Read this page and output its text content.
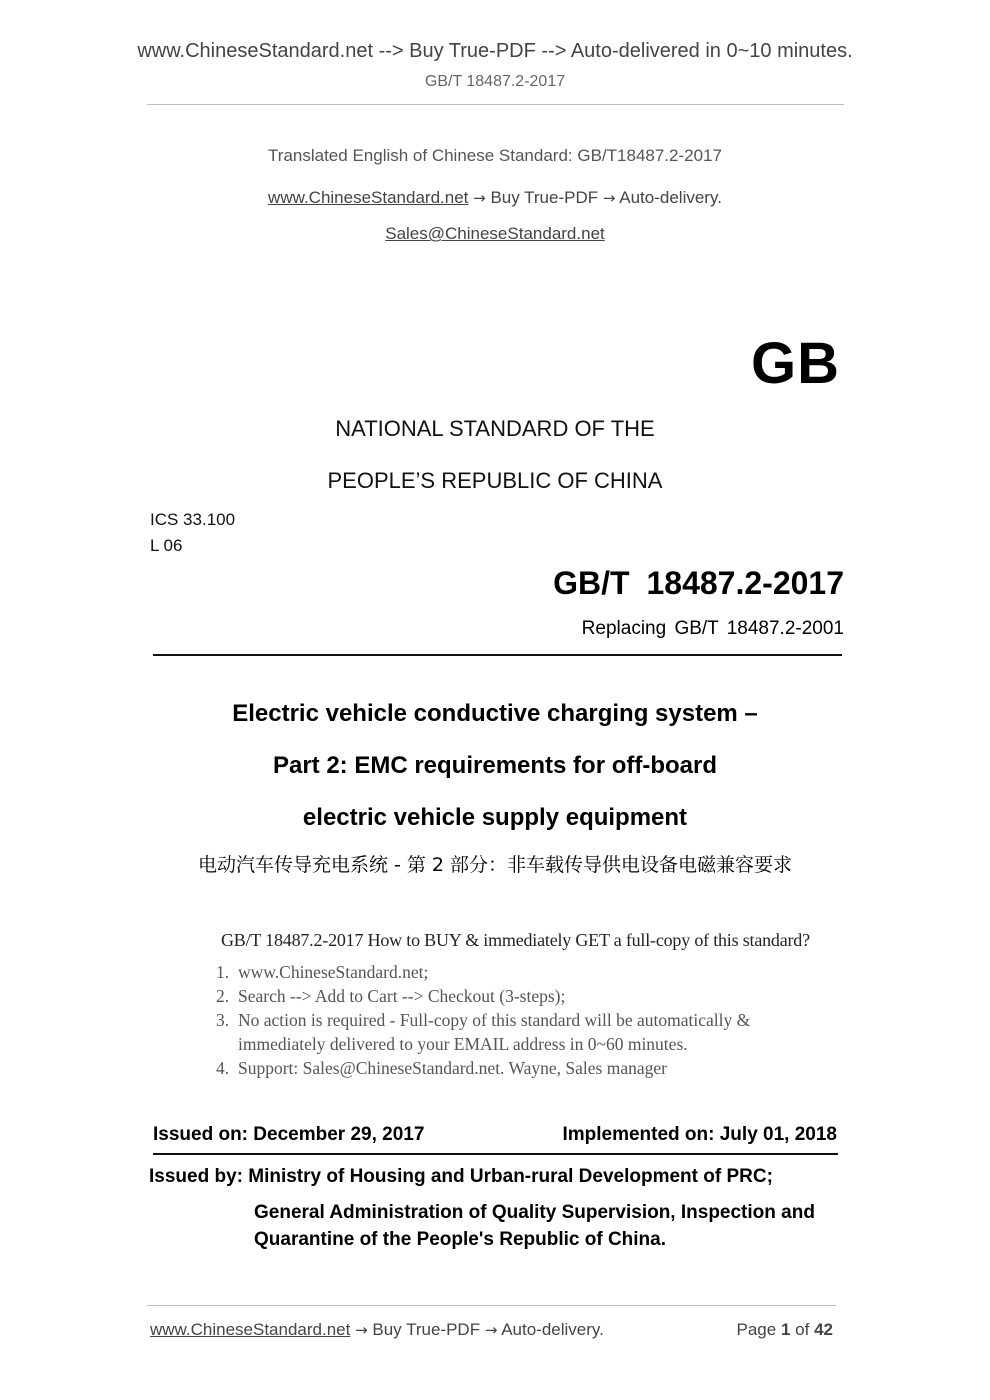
www.ChineseStandard.net --> Buy True-PDF --> Auto-delivered in 0~10 minutes.
GB/T 18487.2-2017
Translated English of Chinese Standard: GB/T18487.2-2017
www.ChineseStandard.net → Buy True-PDF → Auto-delivery.
Sales@ChineseStandard.net
GB
NATIONAL STANDARD OF THE
PEOPLE’S REPUBLIC OF CHINA
ICS 33.100
L 06
GB/T 18487.2-2017
Replacing GB/T 18487.2-2001
Electric vehicle conductive charging system –
Part 2: EMC requirements for off-board
electric vehicle supply equipment
电动汽车传导充电系统 - 第 2 部分：非车载传导供电设备电磁兼容要求
GB/T 18487.2-2017 How to BUY & immediately GET a full-copy of this standard?
1. www.ChineseStandard.net;
2. Search --> Add to Cart --> Checkout (3-steps);
3. No action is required - Full-copy of this standard will be automatically &
immediately delivered to your EMAIL address in 0~60 minutes.
4. Support: Sales@ChineseStandard.net. Wayne, Sales manager
Issued on: December 29, 2017	Implemented on: July 01, 2018
Issued by: Ministry of Housing and Urban-rural Development of PRC;
General Administration of Quality Supervision, Inspection and
Quarantine of the People's Republic of China.
www.ChineseStandard.net → Buy True-PDF → Auto-delivery.	Page 1 of 42
